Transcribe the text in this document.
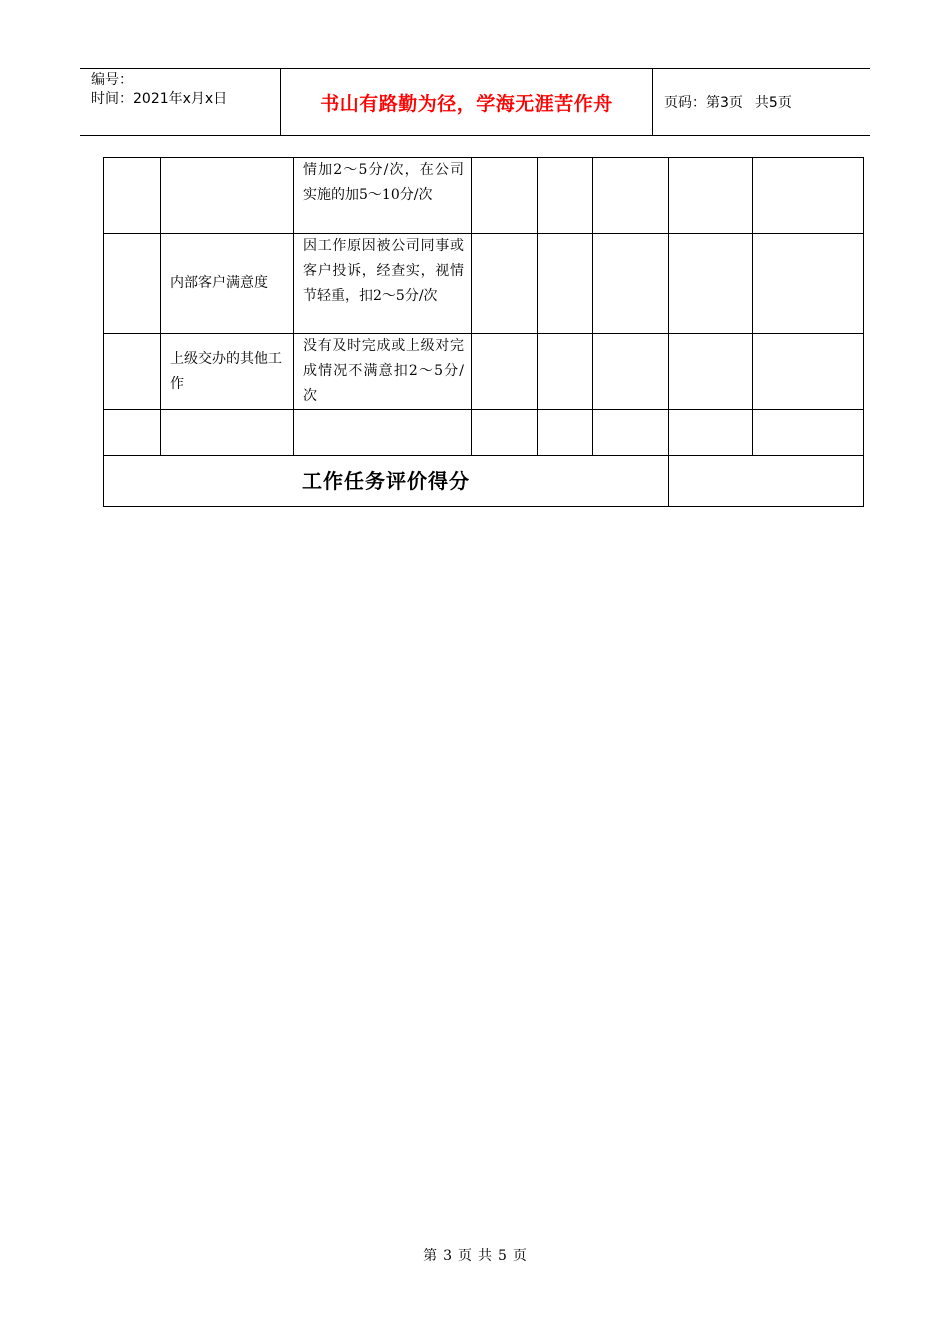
编号：
时间：2021年x月x日	书山有路勤为径，学海无涯苦作舟	页码：第3页 共5页
		情加2～5分/次，在公司实施的加5～10分/次					
	内部客户满意度	因工作原因被公司同事或客户投诉，经查实，视情节轻重，扣2～5分/次					
	上级交办的其他工作	没有及时完成或上级对完成情况不满意扣2～5分/次					

工作任务评价得分							
第 3 页 共 5 页
